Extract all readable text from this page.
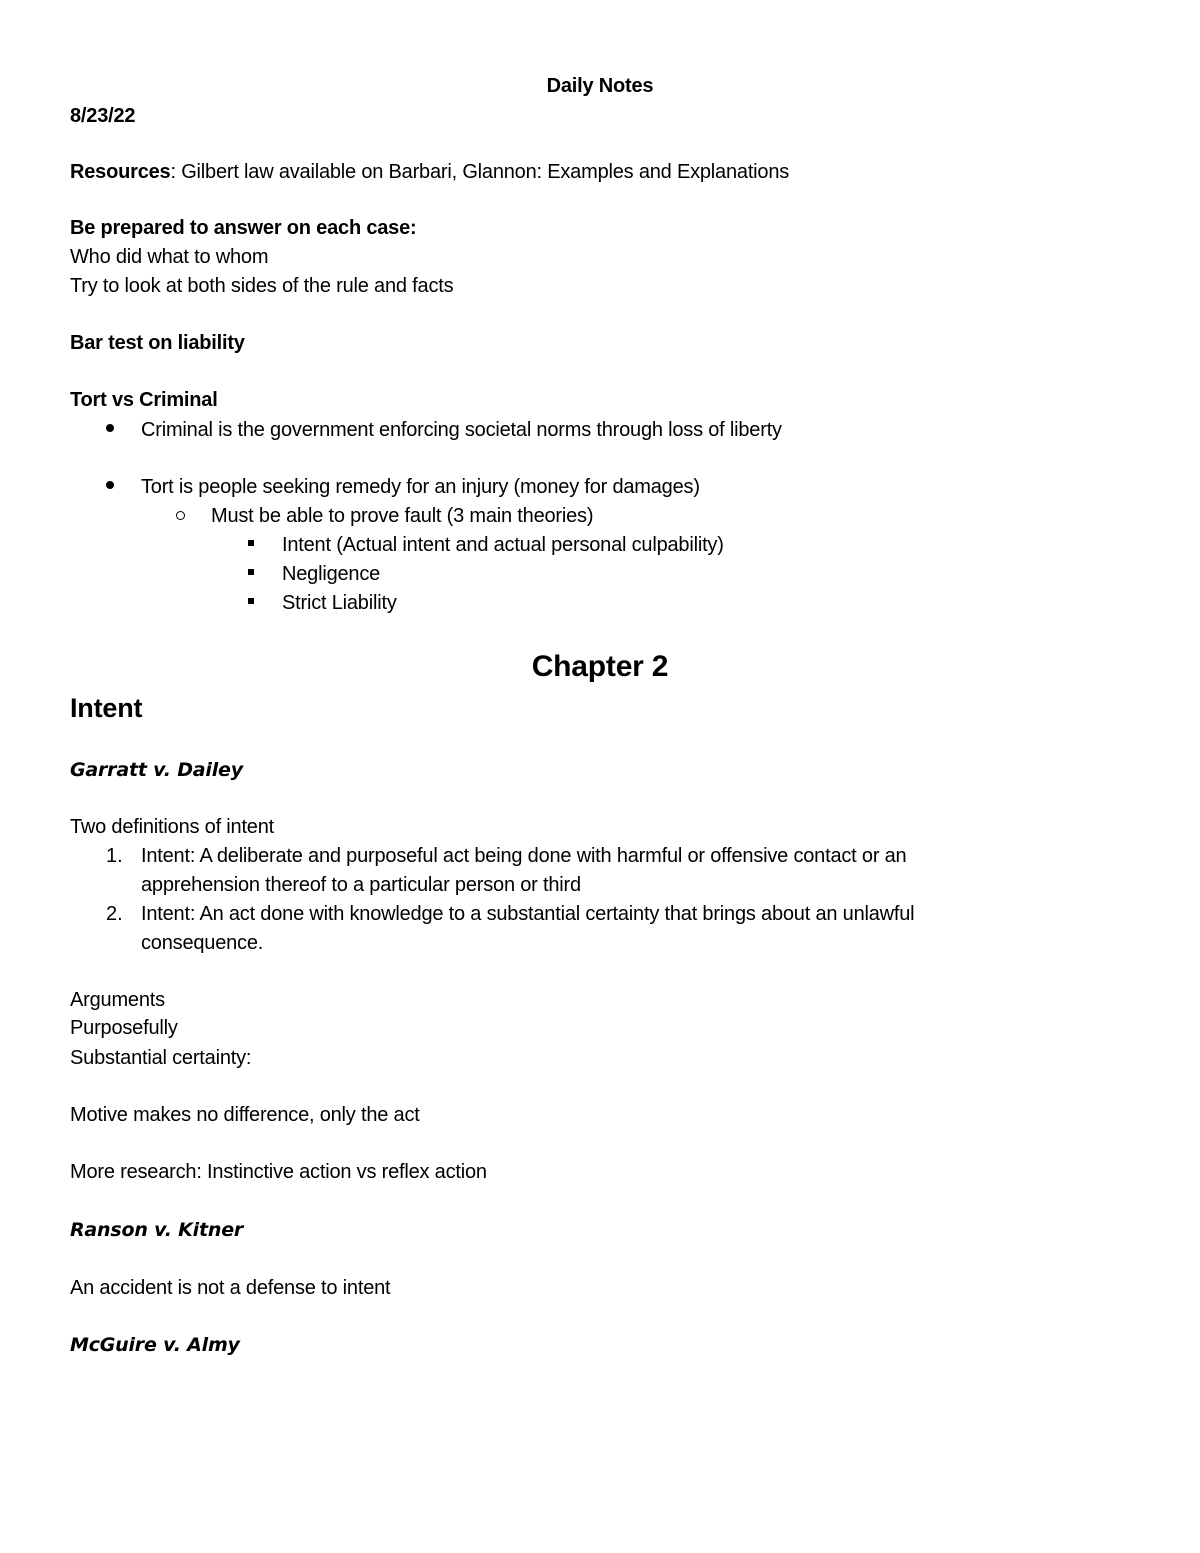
Daily Notes
8/23/22
Resources: Gilbert law available on Barbari, Glannon: Examples and Explanations
Be prepared to answer on each case:
Who did what to whom
Try to look at both sides of the rule and facts
Bar test on liability
Tort vs Criminal
Criminal is the government enforcing societal norms through loss of liberty
Tort is people seeking remedy for an injury (money for damages)
Must be able to prove fault (3 main theories)
Intent (Actual intent and actual personal culpability)
Negligence
Strict Liability
Chapter 2
Intent
Garratt v. Dailey
Two definitions of intent
1. Intent: A deliberate and purposeful act being done with harmful or offensive contact or an
apprehension thereof to a particular person or third
2. Intent: An act done with knowledge to a substantial certainty that brings about an unlawful
consequence.
Arguments
Purposefully
Substantial certainty:
Motive makes no difference, only the act
More research: Instinctive action vs reflex action
Ranson v. Kitner
An accident is not a defense to intent
McGuire v. Almy
